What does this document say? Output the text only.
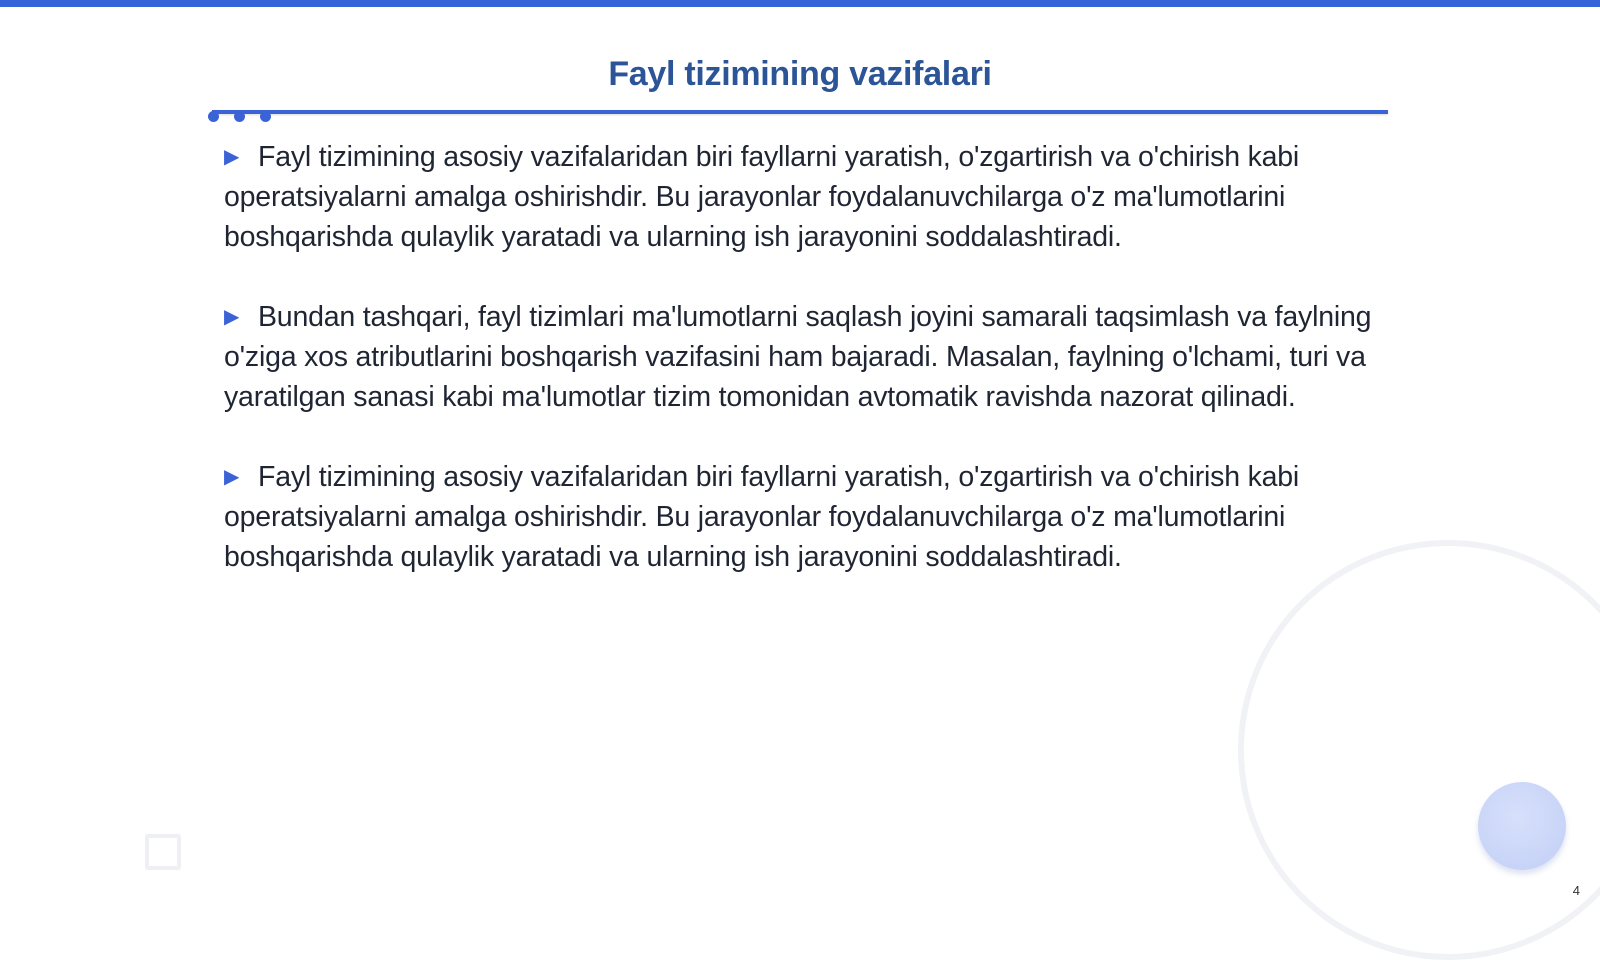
Fayl tizimining vazifalari

▶ Fayl tizimining asosiy vazifalaridan biri fayllarni yaratish, o'zgartirish va o'chirish kabi operatsiyalarni amalga oshirishdir. Bu jarayonlar foydalanuvchilarga o'z ma'lumotlarini boshqarishda qulaylik yaratadi va ularning ish jarayonini soddalashtiradi.

▶ Bundan tashqari, fayl tizimlari ma'lumotlarni saqlash joyini samarali taqsimlash va faylning o'ziga xos atributlarini boshqarish vazifasini ham bajaradi. Masalan, faylning o'lchami, turi va yaratilgan sanasi kabi ma'lumotlar tizim tomonidan avtomatik ravishda nazorat qilinadi.

▶ Fayl tizimining asosiy vazifalaridan biri fayllarni yaratish, o'zgartirish va o'chirish kabi operatsiyalarni amalga oshirishdir. Bu jarayonlar foydalanuvchilarga o'z ma'lumotlarini boshqarishda qulaylik yaratadi va ularning ish jarayonini soddalashtiradi.

4
